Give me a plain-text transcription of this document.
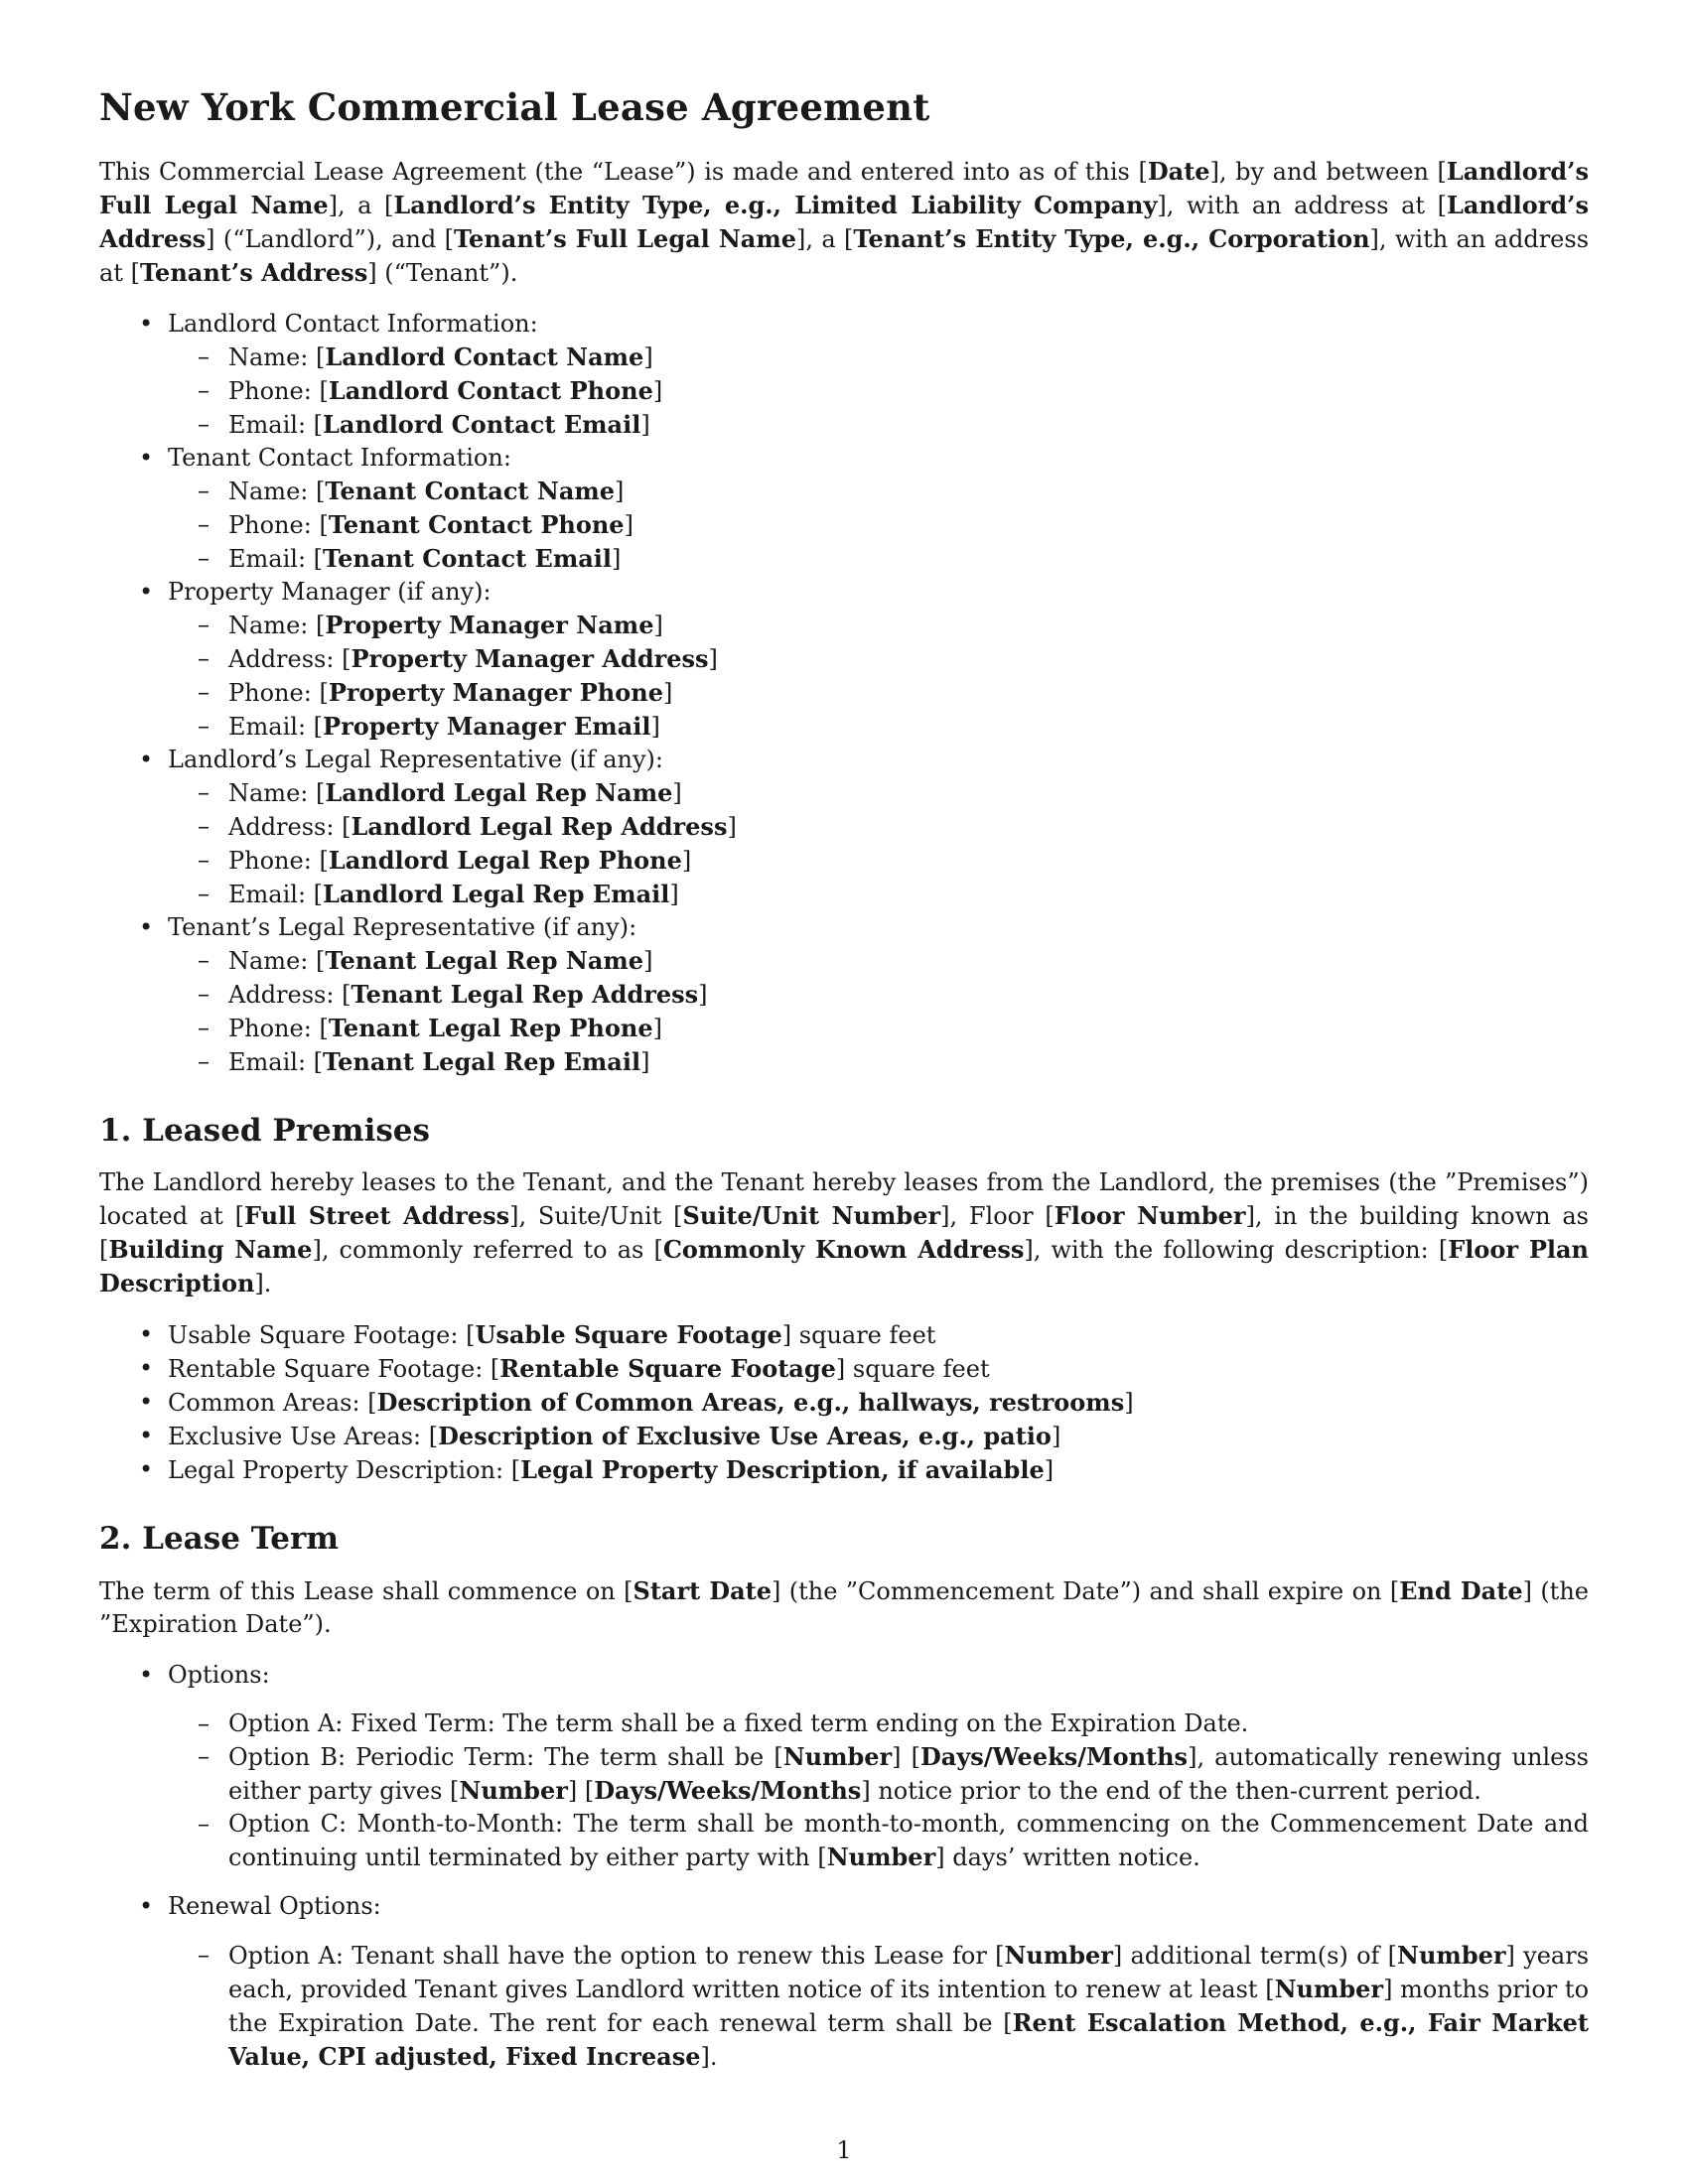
New York Commercial Lease Agreement

This Commercial Lease Agreement (the “Lease”) is made and entered into as of this [Date], by and between [Landlord’s Full Legal Name], a [Landlord’s Entity Type, e.g., Limited Liability Company], with an address at [Landlord’s Address] (“Landlord”), and [Tenant’s Full Legal Name], a [Tenant’s Entity Type, e.g., Corporation], with an address at [Tenant’s Address] (“Tenant”).

• Landlord Contact Information:
– Name: [Landlord Contact Name]
– Phone: [Landlord Contact Phone]
– Email: [Landlord Contact Email]
• Tenant Contact Information:
– Name: [Tenant Contact Name]
– Phone: [Tenant Contact Phone]
– Email: [Tenant Contact Email]
• Property Manager (if any):
– Name: [Property Manager Name]
– Address: [Property Manager Address]
– Phone: [Property Manager Phone]
– Email: [Property Manager Email]
• Landlord’s Legal Representative (if any):
– Name: [Landlord Legal Rep Name]
– Address: [Landlord Legal Rep Address]
– Phone: [Landlord Legal Rep Phone]
– Email: [Landlord Legal Rep Email]
• Tenant’s Legal Representative (if any):
– Name: [Tenant Legal Rep Name]
– Address: [Tenant Legal Rep Address]
– Phone: [Tenant Legal Rep Phone]
– Email: [Tenant Legal Rep Email]
1. Leased Premises

The Landlord hereby leases to the Tenant, and the Tenant hereby leases from the Landlord, the premises (the ”Premises”) located at [Full Street Address], Suite/Unit [Suite/Unit Number], Floor [Floor Number], in the building known as [Building Name], commonly referred to as [Commonly Known Address], with the following description: [Floor Plan Description].

• Usable Square Footage: [Usable Square Footage] square feet
• Rentable Square Footage: [Rentable Square Footage] square feet
• Common Areas: [Description of Common Areas, e.g., hallways, restrooms]
• Exclusive Use Areas: [Description of Exclusive Use Areas, e.g., patio]
• Legal Property Description: [Legal Property Description, if available]
2. Lease Term

The term of this Lease shall commence on [Start Date] (the ”Commencement Date”) and shall expire on [End Date] (the ”Expiration Date”).

• Options:
– Option A: Fixed Term: The term shall be a fixed term ending on the Expiration Date.
– Option B: Periodic Term: The term shall be [Number] [Days/Weeks/Months], automatically renewing unless either party gives [Number] [Days/Weeks/Months] notice prior to the end of the then-current period.
– Option C: Month-to-Month: The term shall be month-to-month, commencing on the Commencement Date and continuing until terminated by either party with [Number] days’ written notice.
• Renewal Options:
– Option A: Tenant shall have the option to renew this Lease for [Number] additional term(s) of [Number] years each, provided Tenant gives Landlord written notice of its intention to renew at least [Number] months prior to the Expiration Date. The rent for each renewal term shall be [Rent Escalation Method, e.g., Fair Market Value, CPI adjusted, Fixed Increase].
1
